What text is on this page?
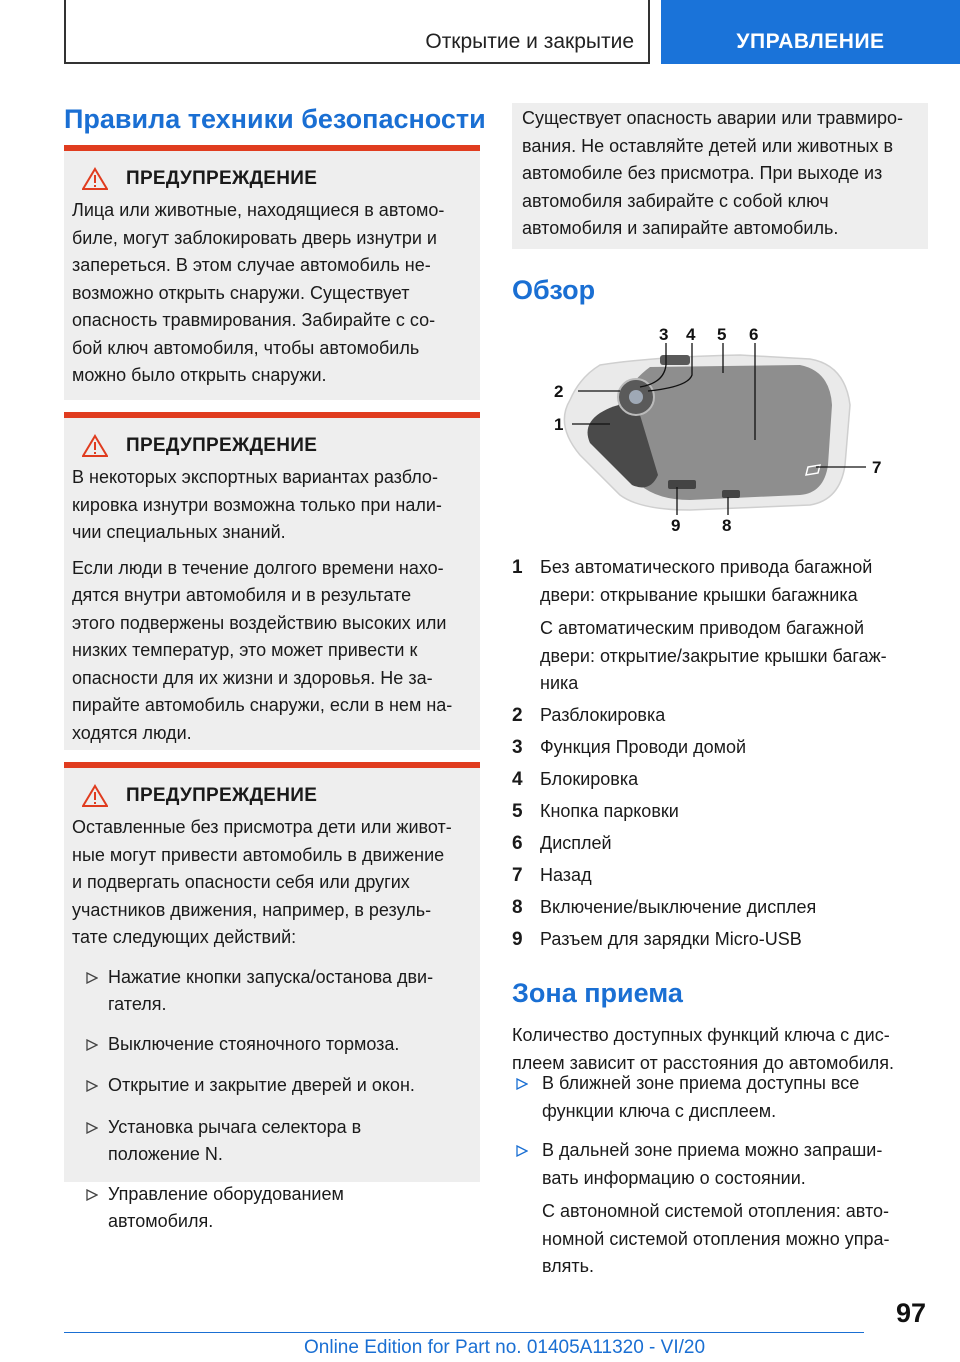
Открытие и закрытие	УПРАВЛЕНИЕ
Правила техники безопасности
ПРЕДУПРЕЖДЕНИЕ

Лица или животные, находящиеся в автомо-
биле, могут заблокировать дверь изнутри и
запереться. В этом случае автомобиль не-
возможно открыть снаружи. Существует
опасность травмирования. Забирайте с со-
бой ключ автомобиля, чтобы автомобиль
можно было открыть снаружи.

ПРЕДУПРЕЖДЕНИЕ

В некоторых экспортных вариантах разбло-
кировка изнутри возможна только при нали-
чии специальных знаний.

Если люди в течение долгого времени нахо-
дятся внутри автомобиля и в результате
этого подвержены воздействию высоких или
низких температур, это может привести к
опасности для их жизни и здоровья. Не за-
пирайте автомобиль снаружи, если в нем на-
ходятся люди.

ПРЕДУПРЕЖДЕНИЕ

Оставленные без присмотра дети или живот-
ные могут привести автомобиль в движение
и подвергать опасности себя или других
участников движения, например, в резуль-
тате следующих действий:

Нажатие кнопки запуска/останова дви-
гателя.
Выключение стояночного тормоза.
Открытие и закрытие дверей и окон.
Установка рычага селектора в
положение N.
Управление оборудованием
автомобиля.

Существует опасность аварии или травмиро-
вания. Не оставляйте детей или животных в
автомобиле без присмотра. При выходе из
автомобиля забирайте с собой ключ
автомобиля и запирайте автомобиль.

Обзор
1
2
3 4 5 6
7
8
9
1 Без автоматического привода багажной
двери: открывание крышки багажника

С автоматическим приводом багажной
двери: открытие/закрытие крышки багаж-
ника

2 Разблокировка
3 Функция Проводи домой
4 Блокировка
5 Кнопка парковки
6 Дисплей
7 Назад
8 Включение/выключение дисплея
9 Разъем для зарядки Micro-USB
Зона приема

Количество доступных функций ключа с дис-
плеем зависит от расстояния до автомобиля.

В ближней зоне приема доступны все
функции ключа с дисплеем.
В дальней зоне приема можно запраши-
вать информацию о состоянии.
С автономной системой отопления: авто-
номной системой отопления можно упра-
влять.
97
Online Edition for Part no. 01405A11320 - VI/20
